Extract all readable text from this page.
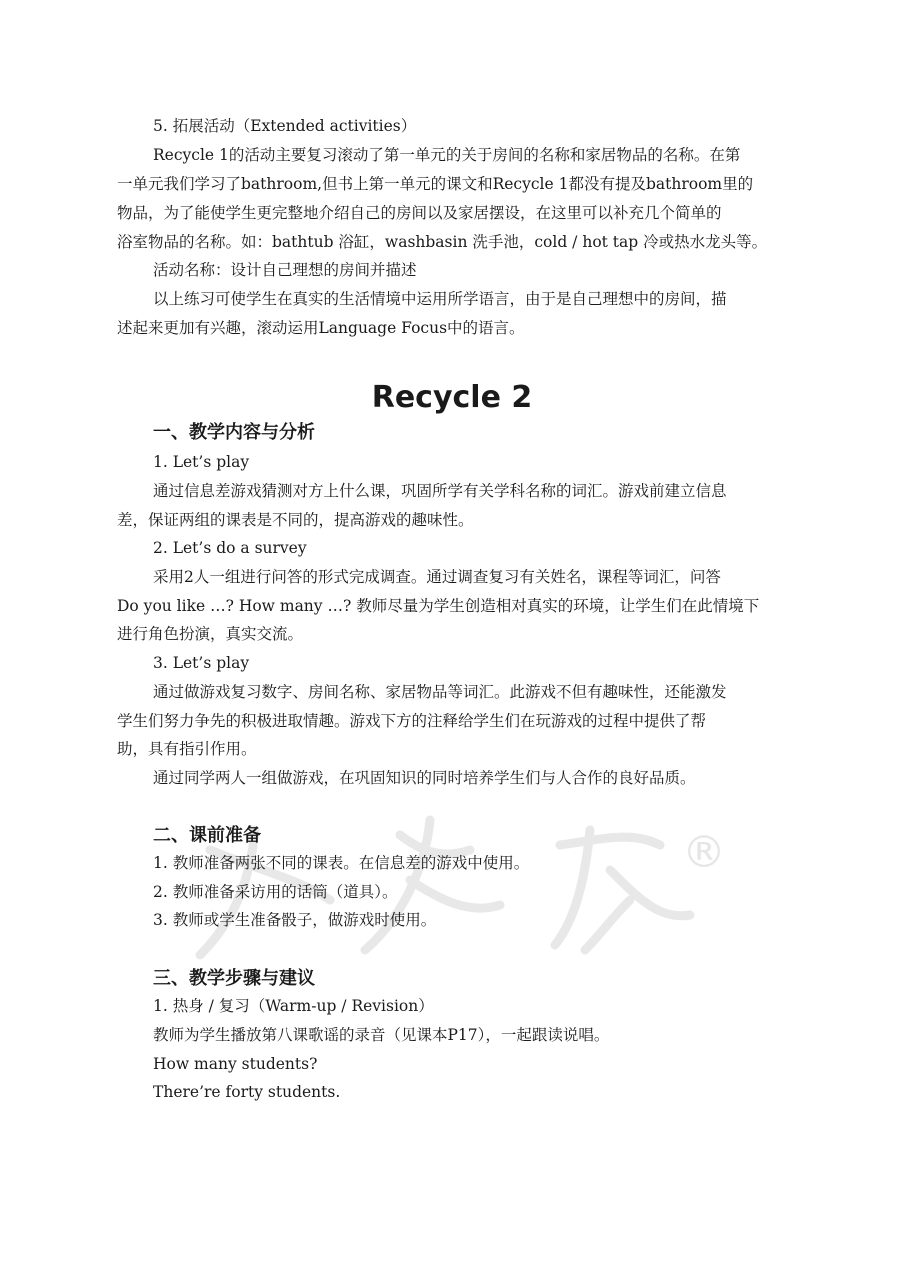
®

5. 拓展活动（Extended activities）

Recycle 1的活动主要复习滚动了第一单元的关于房间的名称和家居物品的名称。在第

一单元我们学习了bathroom,但书上第一单元的课文和Recycle 1都没有提及bathroom里的

物品，为了能使学生更完整地介绍自己的房间以及家居摆设，在这里可以补充几个简单的

浴室物品的名称。如：bathtub 浴缸，washbasin 洗手池，cold / hot tap 冷或热水龙头等。

活动名称：设计自己理想的房间并描述

以上练习可使学生在真实的生活情境中运用所学语言，由于是自己理想中的房间，描

述起来更加有兴趣，滚动运用Language Focus中的语言。

Recycle 2
一、教学内容与分析

1. Let’s play

通过信息差游戏猜测对方上什么课，巩固所学有关学科名称的词汇。游戏前建立信息

差，保证两组的课表是不同的，提高游戏的趣味性。

2. Let’s do a survey

采用2人一组进行问答的形式完成调查。通过调查复习有关姓名，课程等词汇，问答

Do you like …? How many …? 教师尽量为学生创造相对真实的环境，让学生们在此情境下

进行角色扮演，真实交流。

3. Let’s play

通过做游戏复习数字、房间名称、家居物品等词汇。此游戏不但有趣味性，还能激发

学生们努力争先的积极进取情趣。游戏下方的注释给学生们在玩游戏的过程中提供了帮

助，具有指引作用。

通过同学两人一组做游戏，在巩固知识的同时培养学生们与人合作的良好品质。

二、课前准备

1. 教师准备两张不同的课表。在信息差的游戏中使用。

2. 教师准备采访用的话筒（道具）。

3. 教师或学生准备骰子，做游戏时使用。

三、教学步骤与建议

1. 热身 / 复习（Warm-up / Revision）

教师为学生播放第八课歌谣的录音（见课本P17），一起跟读说唱。

How many students?

There’re forty students.
